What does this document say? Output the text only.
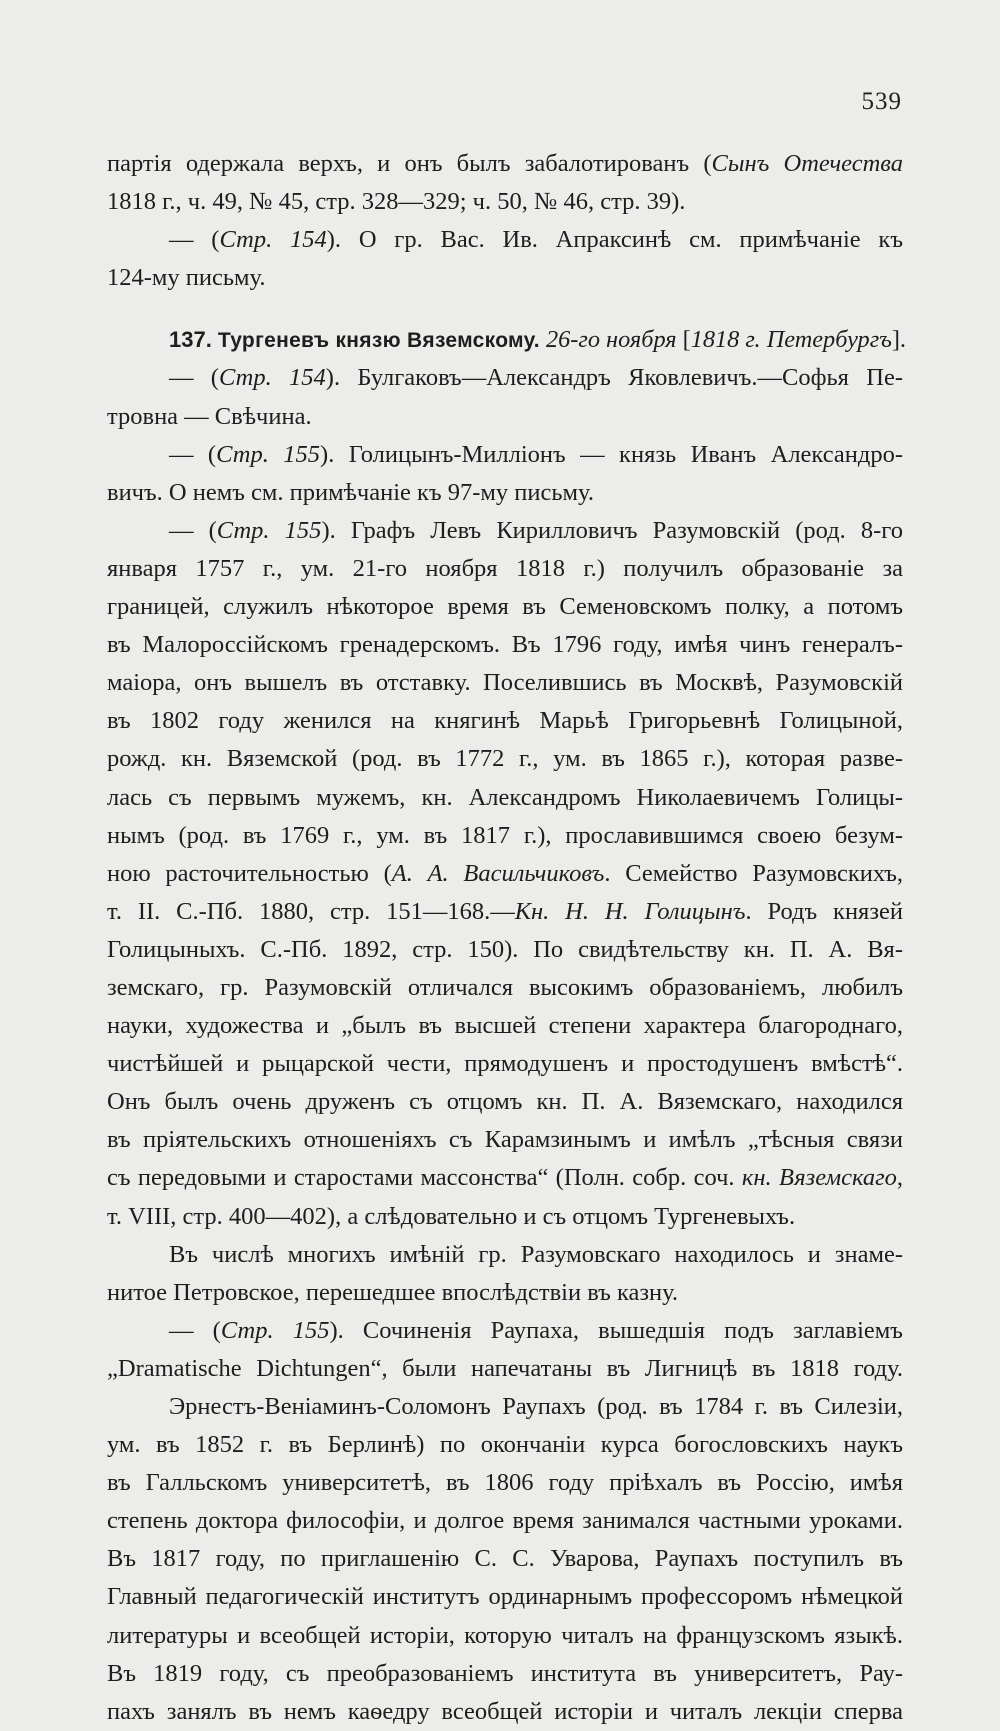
539
партія одержала верхъ, и онъ былъ забалотированъ (Сынъ Отечества
1818 г., ч. 49, № 45, стр. 328—329; ч. 50, № 46, стр. 39).
— (Стр. 154). О гр. Вас. Ив. Апраксинѣ см. примѣчаніе къ
124-му письму.
137. Тургеневъ князю Вяземскому. 26-го ноября [1818 г. Петербургъ].
— (Стр. 154). Булгаковъ—Александръ Яковлевичъ.—Софья Пе-
тровна — Свѣчина.
— (Стр. 155). Голицынъ-Милліонъ — князь Иванъ Александро-
вичъ. О немъ см. примѣчаніе къ 97-му письму.
— (Стр. 155). Графъ Левъ Кирилловичъ Разумовскій (род. 8-го
января 1757 г., ум. 21-го ноября 1818 г.) получилъ образованіе за
границей, служилъ нѣкоторое время въ Семеновскомъ полку, а потомъ
въ Малороссійскомъ гренадерскомъ. Въ 1796 году, имѣя чинъ генералъ-
маіора, онъ вышелъ въ отставку. Поселившись въ Москвѣ, Разумовскій
въ 1802 году женился на княгинѣ Марьѣ Григорьевнѣ Голицыной,
рожд. кн. Вяземской (род. въ 1772 г., ум. въ 1865 г.), которая разве-
лась съ первымъ мужемъ, кн. Александромъ Николаевичемъ Голицы-
нымъ (род. въ 1769 г., ум. въ 1817 г.), прославившимся своею безум-
ною расточительностью (А. А. Васильчиковъ. Семейство Разумовскихъ,
т. II. С.-Пб. 1880, стр. 151—168.—Кн. Н. Н. Голицынъ. Родъ князей
Голицыныхъ. С.-Пб. 1892, стр. 150). По свидѣтельству кн. П. А. Вя-
земскаго, гр. Разумовскій отличался высокимъ образованіемъ, любилъ
науки, художества и „былъ въ высшей степени характера благороднаго,
чистѣйшей и рыцарской чести, прямодушенъ и простодушенъ вмѣстѣ“.
Онъ былъ очень друженъ съ отцомъ кн. П. А. Вяземскаго, находился
въ пріятельскихъ отношеніяхъ съ Карамзинымъ и имѣлъ „тѣсныя связи
съ передовыми и старостами массонства“ (Полн. собр. соч. кн. Вяземскаго,
т. VIII, стр. 400—402), а слѣдовательно и съ отцомъ Тургеневыхъ.
Въ числѣ многихъ имѣній гр. Разумовскаго находилось и знаме-
нитое Петровское, перешедшее впослѣдствіи въ казну.
— (Стр. 155). Сочиненія Раупаха, вышедшія подъ заглавіемъ
„Dramatische Dichtungen“, были напечатаны въ Лигницѣ въ 1818 году.
Эрнестъ-Веніаминъ-Соломонъ Раупахъ (род. въ 1784 г. въ Силезіи,
ум. въ 1852 г. въ Берлинѣ) по окончаніи курса богословскихъ наукъ
въ Галльскомъ университетѣ, въ 1806 году пріѣхалъ въ Россію, имѣя
степень доктора философіи, и долгое время занимался частными уроками.
Въ 1817 году, по приглашенію С. С. Уварова, Раупахъ поступилъ въ
Главный педагогическій институтъ ординарнымъ профессоромъ нѣмецкой
литературы и всеобщей исторіи, которую читалъ на французскомъ языкѣ.
Въ 1819 году, съ преобразованіемъ института въ университетъ, Рау-
пахъ занялъ въ немъ каѳедру всеобщей исторіи и читалъ лекціи сперва
